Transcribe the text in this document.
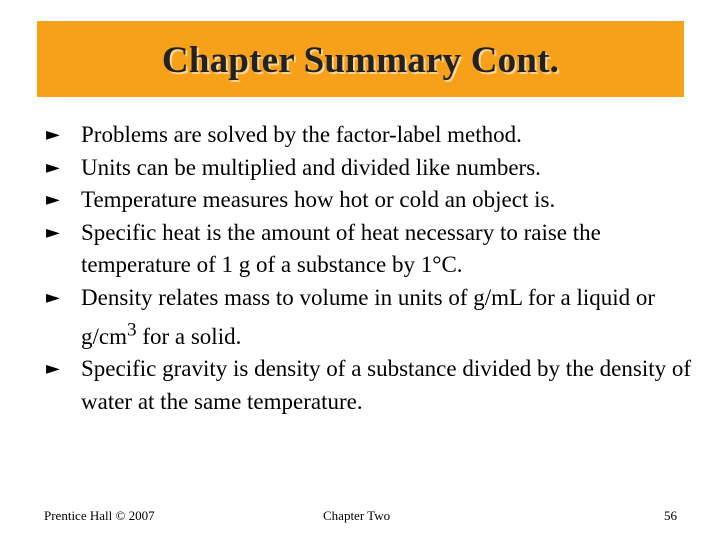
Chapter Summary Cont.
► Problems are solved by the factor-label method.
► Units can be multiplied and divided like numbers.
► Temperature measures how hot or cold an object is.
► Specific heat is the amount of heat necessary to raise the temperature of 1 g of a substance by 1°C.
► Density relates mass to volume in units of g/mL for a liquid or $g/cm^3$ for a solid.
► Specific gravity is density of a substance divided by the density of water at the same temperature.
Prentice Hall © 2007	Chapter Two	56
